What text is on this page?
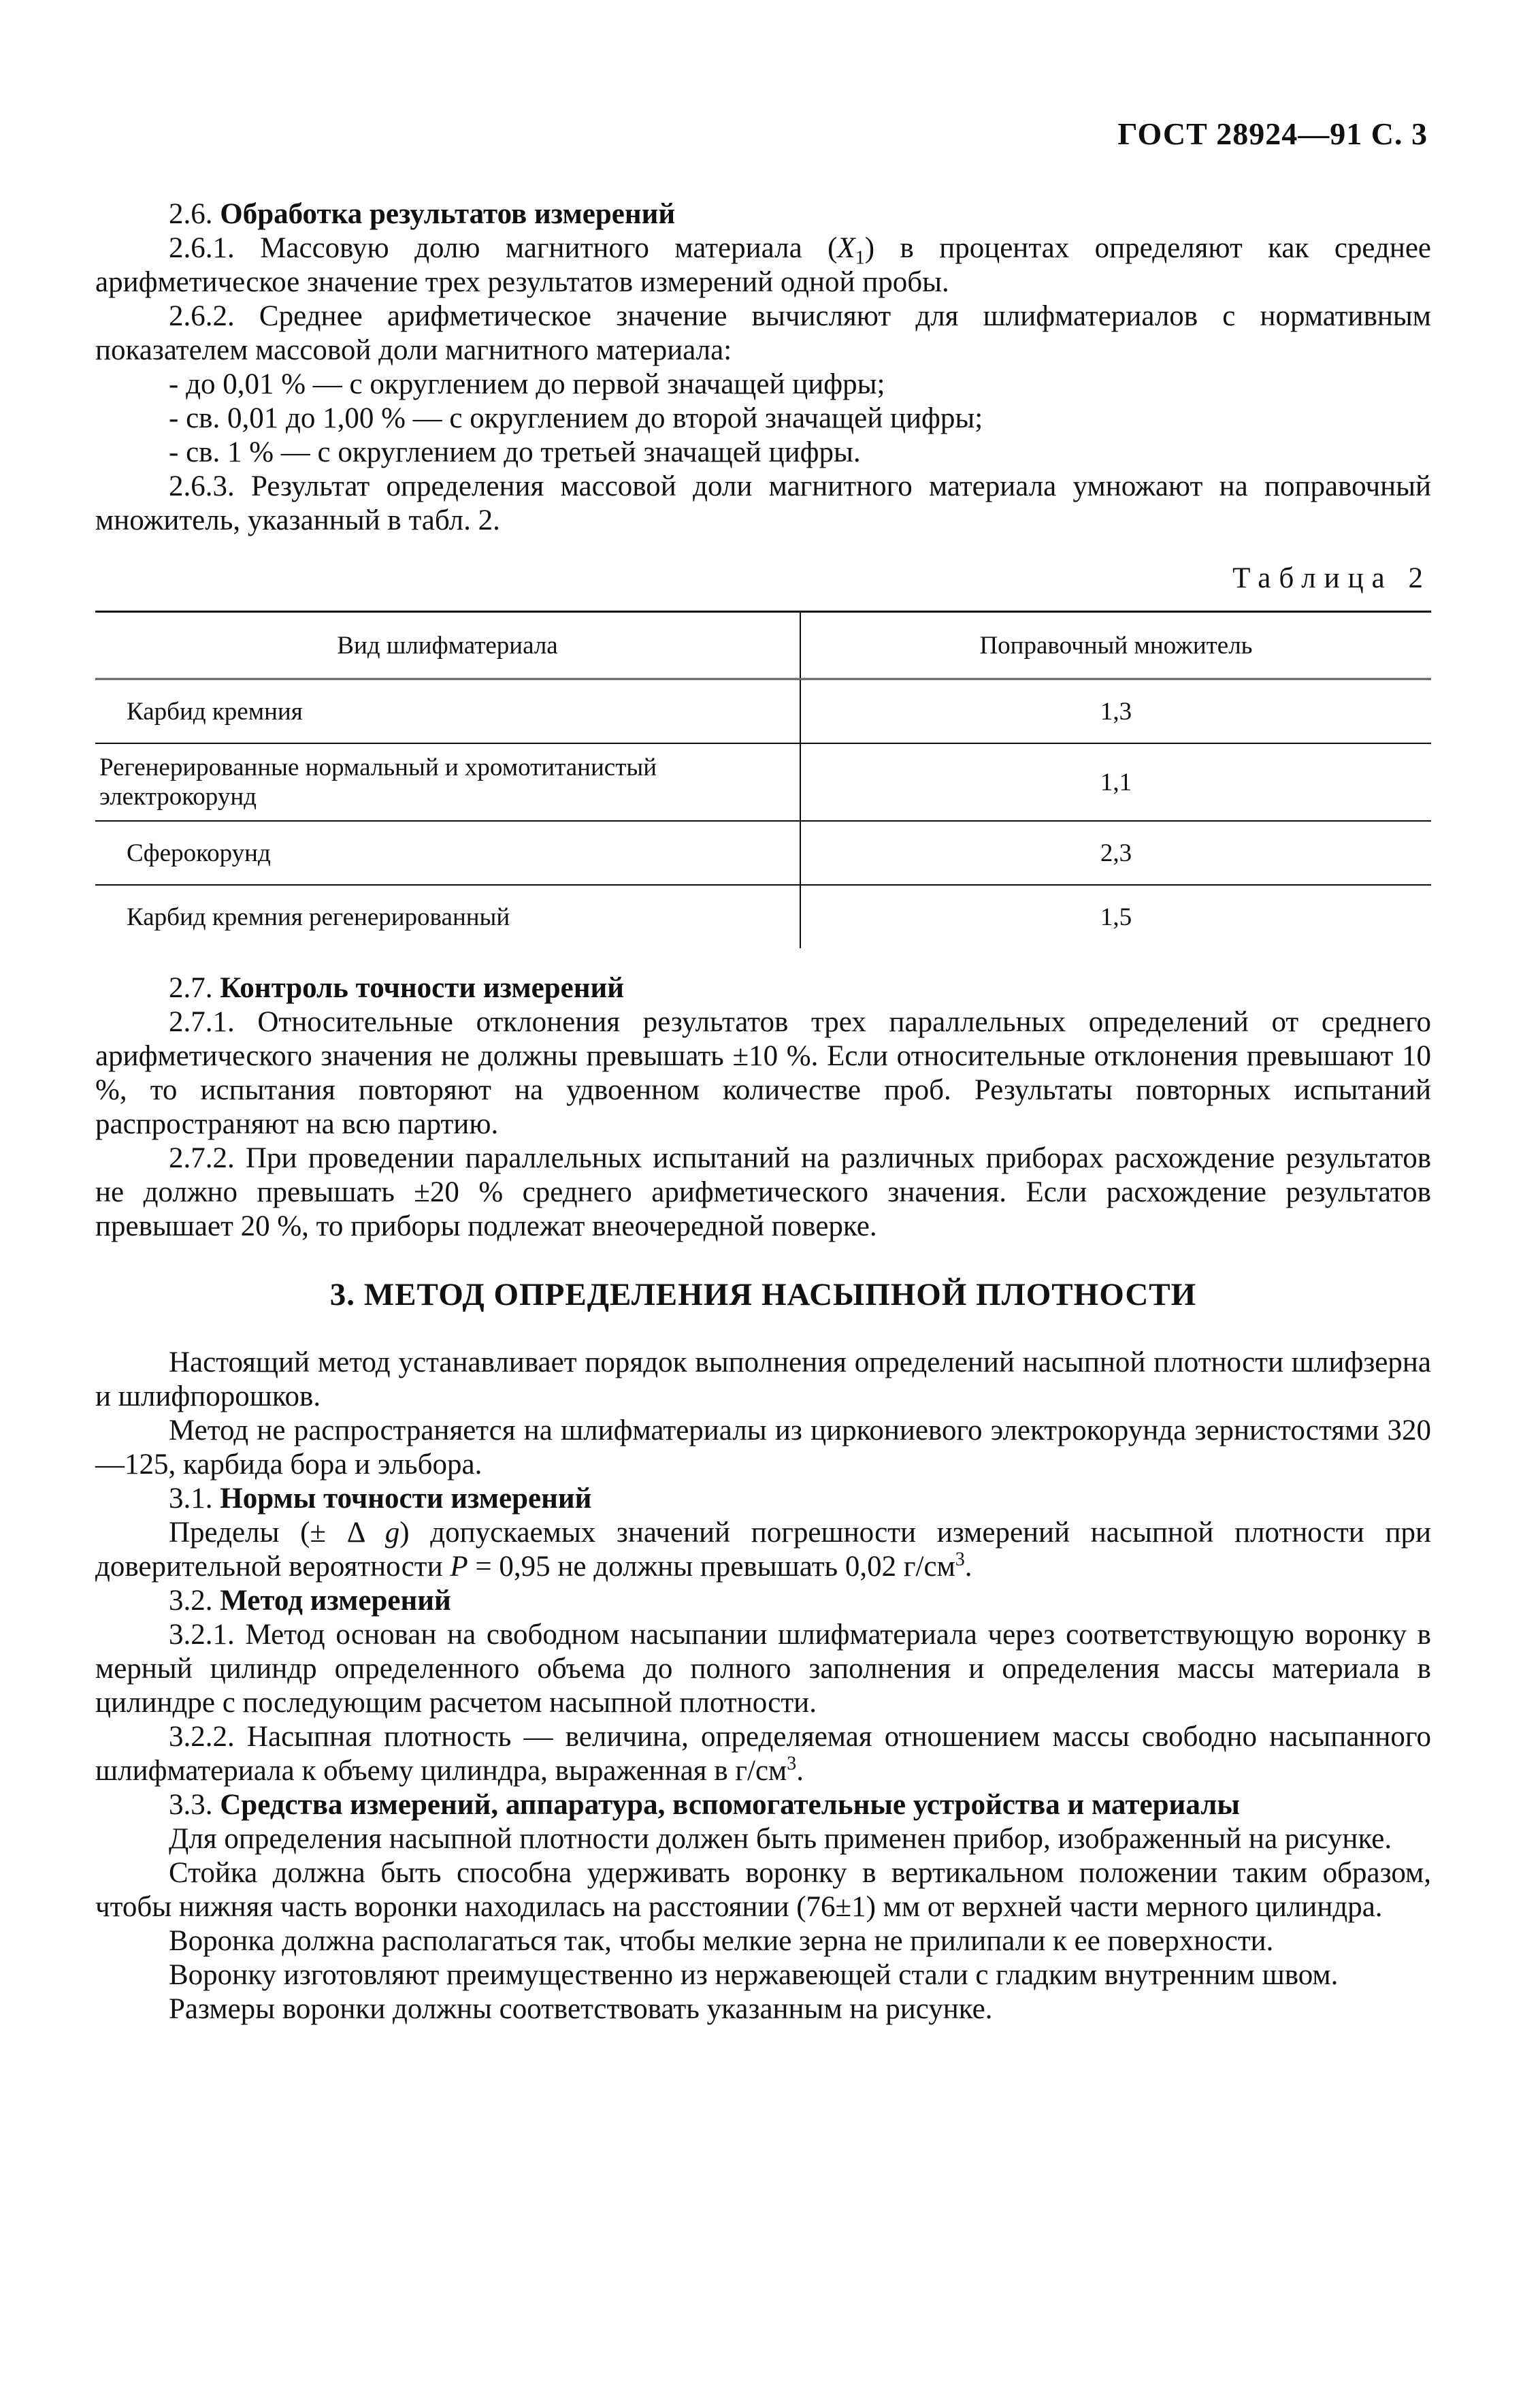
ГОСТ 28924—91 С. 3

2.6. Обработка результатов измерений

2.6.1. Массовую долю магнитного материала $(X_1)$ в процентах определяют как среднее арифметическое значение трех результатов измерений одной пробы.

2.6.2. Среднее арифметическое значение вычисляют для шлифматериалов с нормативным показателем массовой доли магнитного материала:

- до 0,01 % — с округлением до первой значащей цифры;

- св. 0,01 до 1,00 % — с округлением до второй значащей цифры;

- св. 1 % — с округлением до третьей значащей цифры.

2.6.3. Результат определения массовой доли магнитного материала умножают на поправочный множитель, указанный в табл. 2.

Таблица 2
Вид шлифматериала	Поправочный множитель
Карбид кремния	1,3
Регенерированные нормальный и хромотитанистый электрокорунд	1,1
Сферокорунд	2,3
Карбид кремния регенерированный	1,5

2.7. Контроль точности измерений

2.7.1. Относительные отклонения результатов трех параллельных определений от среднего арифметического значения не должны превышать ±10 %. Если относительные отклонения превышают 10 %, то испытания повторяют на удвоенном количестве проб. Результаты повторных испытаний распространяют на всю партию.

2.7.2. При проведении параллельных испытаний на различных приборах расхождение результатов не должно превышать ±20 % среднего арифметического значения. Если расхождение результатов превышает 20 %, то приборы подлежат внеочередной поверке.

3. МЕТОД ОПРЕДЕЛЕНИЯ НАСЫПНОЙ ПЛОТНОСТИ

Настоящий метод устанавливает порядок выполнения определений насыпной плотности шлифзерна и шлифпорошков.

Метод не распространяется на шлифматериалы из циркониевого электрокорунда зернистостями 320—125, карбида бора и эльбора.

3.1. Нормы точности измерений

Пределы (± Δ g) допускаемых значений погрешности измерений насыпной плотности при доверительной вероятности P = 0,95 не должны превышать 0,02 $г/см^3$.

3.2. Метод измерений

3.2.1. Метод основан на свободном насыпании шлифматериала через соответствующую воронку в мерный цилиндр определенного объема до полного заполнения и определения массы материала в цилиндре с последующим расчетом насыпной плотности.

3.2.2. Насыпная плотность — величина, определяемая отношением массы свободно насыпанного шлифматериала к объему цилиндра, выраженная в $г/см^3$.

3.3. Средства измерений, аппаратура, вспомогательные устройства и материалы

Для определения насыпной плотности должен быть применен прибор, изображенный на рисунке.

Стойка должна быть способна удерживать воронку в вертикальном положении таким образом, чтобы нижняя часть воронки находилась на расстоянии (76±1) мм от верхней части мерного цилиндра.

Воронка должна располагаться так, чтобы мелкие зерна не прилипали к ее поверхности.

Воронку изготовляют преимущественно из нержавеющей стали с гладким внутренним швом.

Размеры воронки должны соответствовать указанным на рисунке.
